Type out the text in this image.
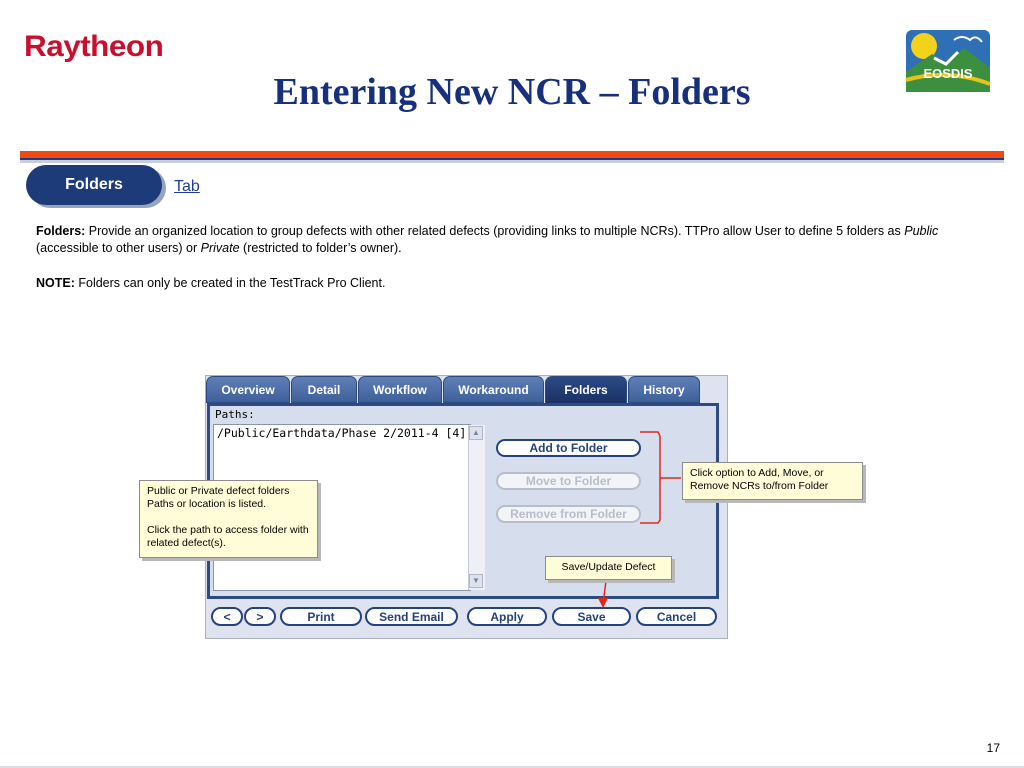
Raytheon
Entering New NCR – Folders	EOSDIS
Folders	Tab
Folders: Provide an organized location to group defects with other related defects (providing links to multiple NCRs). TTPro allow User to define 5 folders as Public (accessible to other users) or Private (restricted to folder’s owner).
NOTE: Folders can only be created in the TestTrack Pro Client.
Overview	Detail	Workflow	Workaround	Folders	History
Paths:
/Public/Earthdata/Phase 2/2011-4 [4] ▲
▼
Add to Folder
Move to Folder
Remove from Folder
<	>	Print	Send Email	Apply	Save	Cancel
Public or Private defect folders Paths or location is listed.
Click the path to access folder with related defect(s).
Click option to Add, Move, or Remove NCRs to/from Folder
Save/Update Defect
17
